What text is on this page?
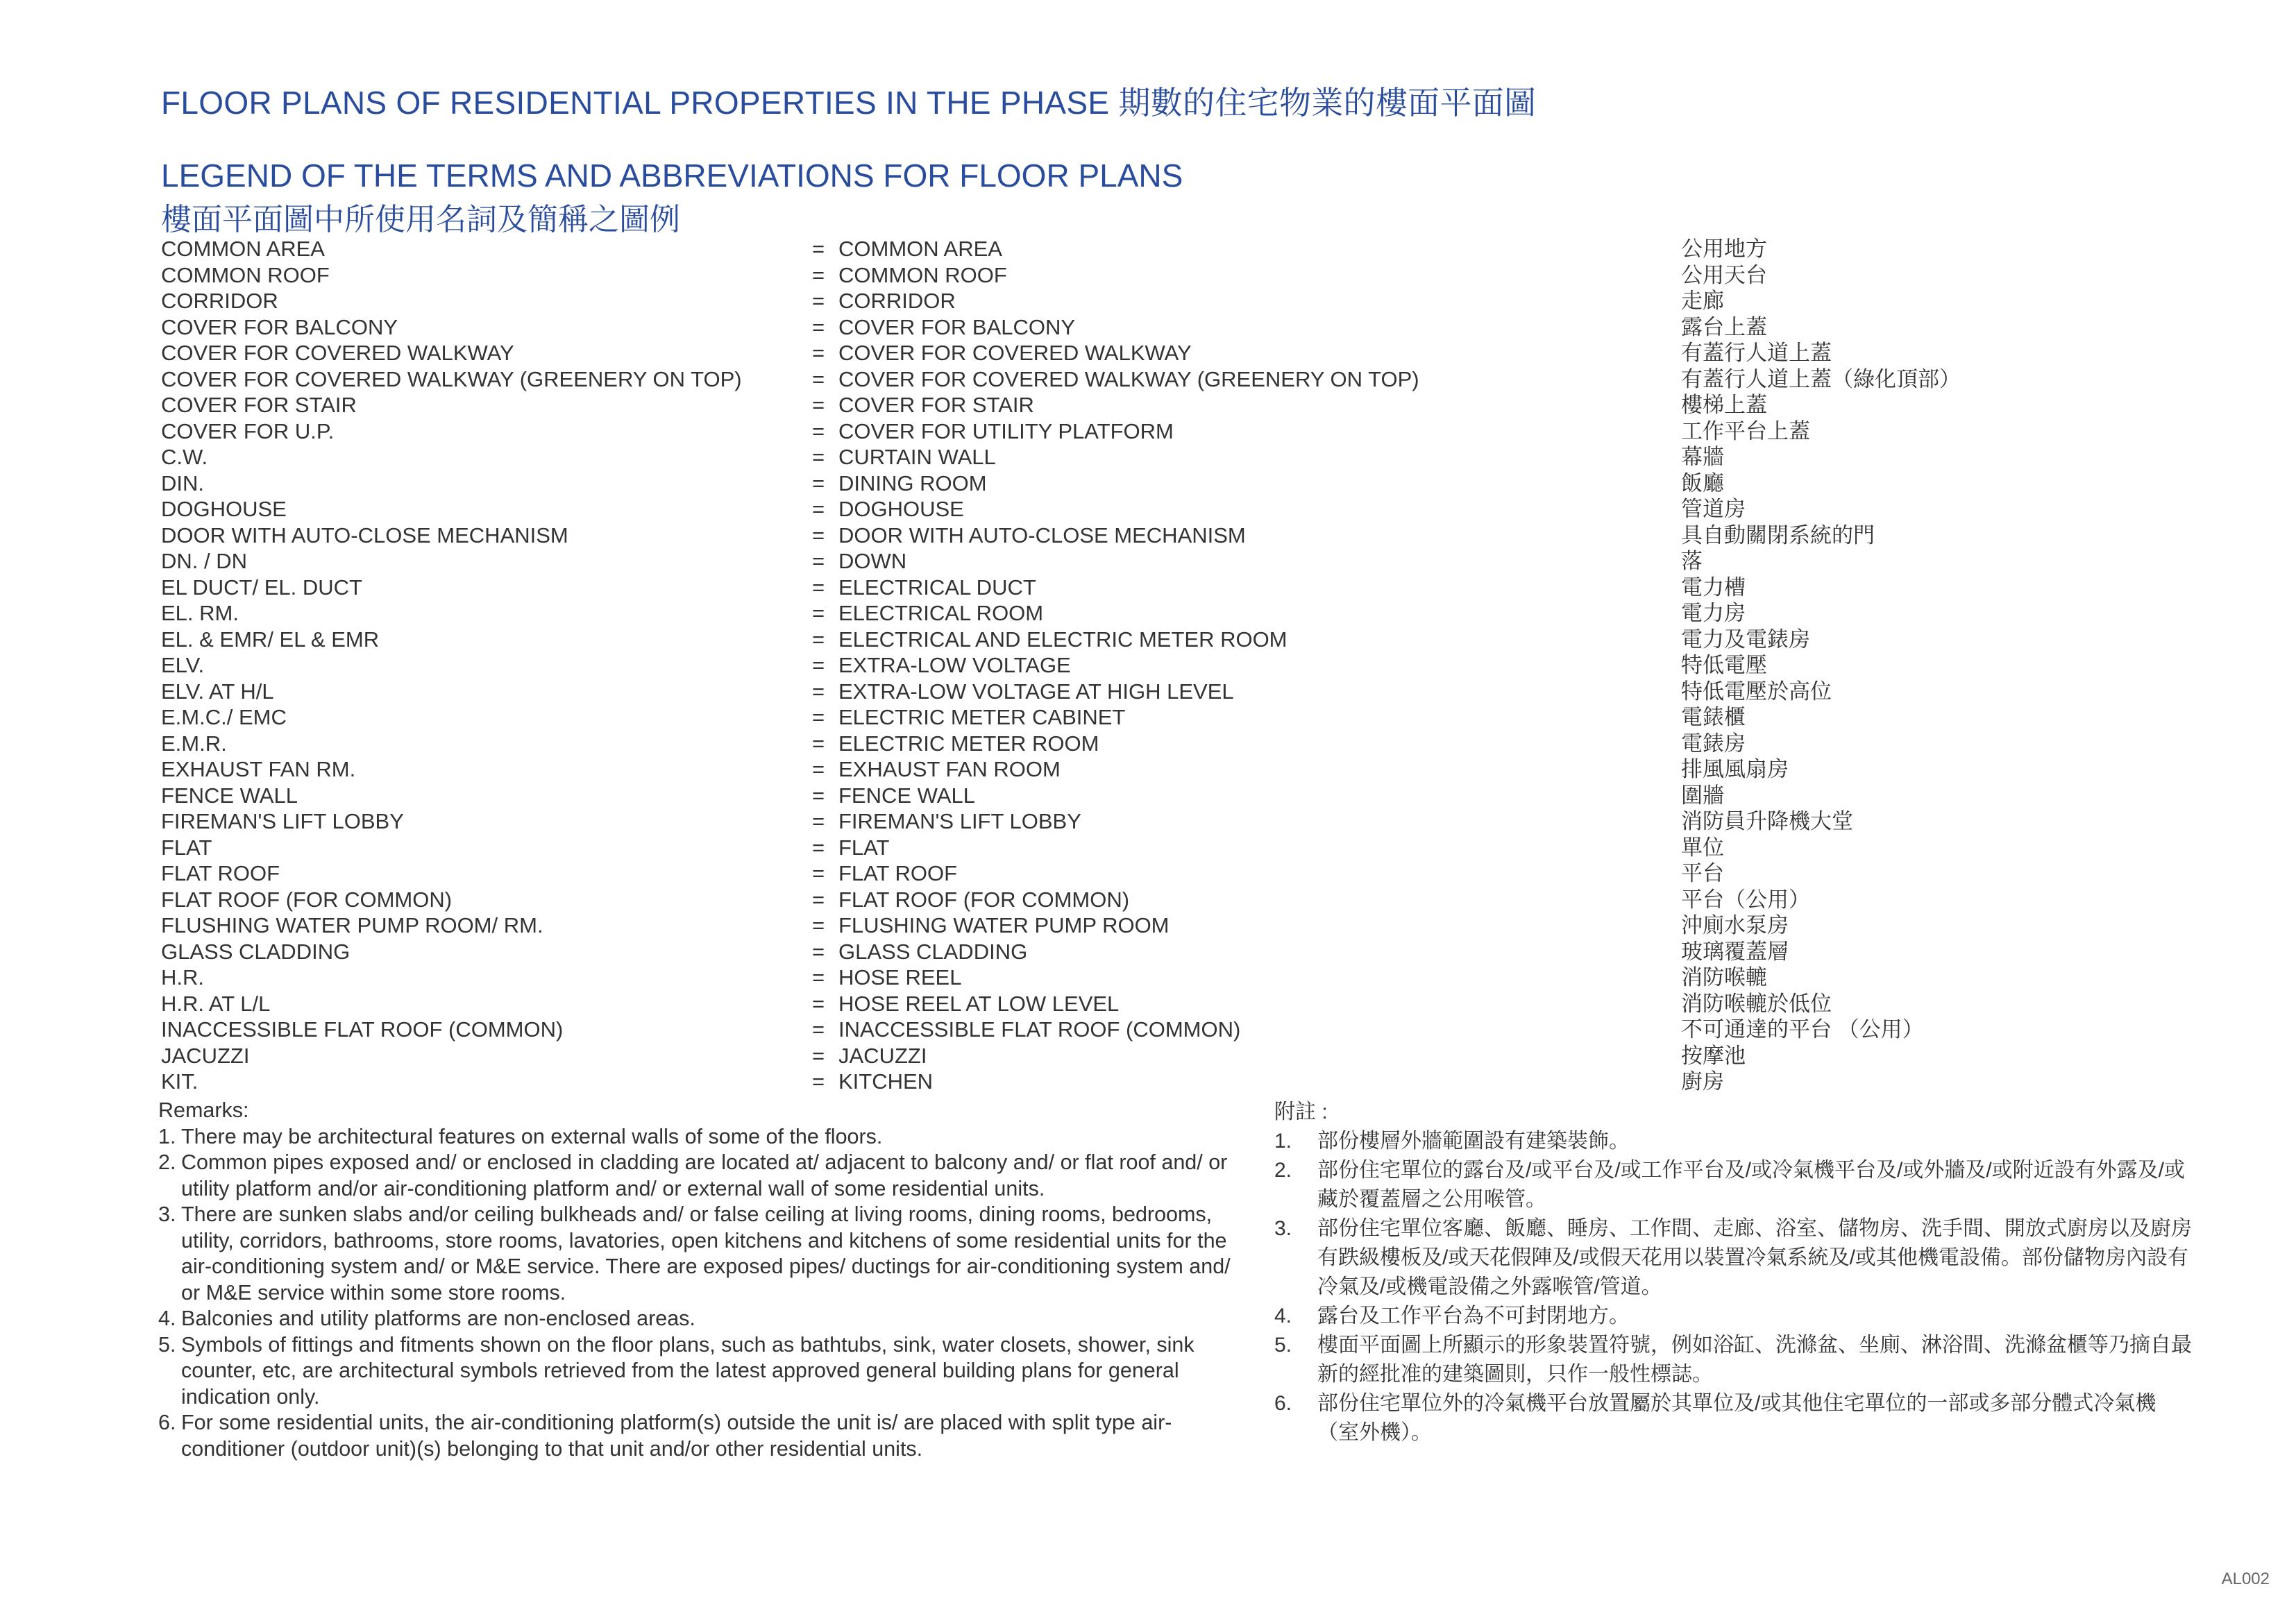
FLOOR PLANS OF RESIDENTIAL PROPERTIES IN THE PHASE 期數的住宅物業的樓面平面圖
LEGEND OF THE TERMS AND ABBREVIATIONS FOR FLOOR PLANS
樓面平面圖中所使用名詞及簡稱之圖例
COMMON AREA	= COMMON AREA	公用地方
COMMON ROOF	= COMMON ROOF	公用天台
CORRIDOR	= CORRIDOR	走廊
COVER FOR BALCONY	= COVER FOR BALCONY	露台上蓋
COVER FOR COVERED WALKWAY	= COVER FOR COVERED WALKWAY	有蓋行人道上蓋
COVER FOR COVERED WALKWAY (GREENERY ON TOP)	= COVER FOR COVERED WALKWAY (GREENERY ON TOP)	有蓋行人道上蓋（綠化頂部）
COVER FOR STAIR	= COVER FOR STAIR	樓梯上蓋
COVER FOR U.P.	= COVER FOR UTILITY PLATFORM	工作平台上蓋
C.W.	= CURTAIN WALL	幕牆
DIN.	= DINING ROOM	飯廳
DOGHOUSE	= DOGHOUSE	管道房
DOOR WITH AUTO-CLOSE MECHANISM	= DOOR WITH AUTO-CLOSE MECHANISM	具自動關閉系統的門
DN. / DN	= DOWN	落
EL DUCT/ EL. DUCT	= ELECTRICAL DUCT	電力槽
EL. RM.	= ELECTRICAL ROOM	電力房
EL. & EMR/ EL & EMR	= ELECTRICAL AND ELECTRIC METER ROOM	電力及電錶房
ELV.	= EXTRA-LOW VOLTAGE	特低電壓
ELV. AT H/L	= EXTRA-LOW VOLTAGE AT HIGH LEVEL	特低電壓於高位
E.M.C./ EMC	= ELECTRIC METER CABINET	電錶櫃
E.M.R.	= ELECTRIC METER ROOM	電錶房
EXHAUST FAN RM.	= EXHAUST FAN ROOM	排風風扇房
FENCE WALL	= FENCE WALL	圍牆
FIREMAN'S LIFT LOBBY	= FIREMAN'S LIFT LOBBY	消防員升降機大堂
FLAT	= FLAT	單位
FLAT ROOF	= FLAT ROOF	平台
FLAT ROOF (FOR COMMON)	= FLAT ROOF (FOR COMMON)	平台（公用）
FLUSHING WATER PUMP ROOM/ RM.	= FLUSHING WATER PUMP ROOM	沖廁水泵房
GLASS CLADDING	= GLASS CLADDING	玻璃覆蓋層
H.R.	= HOSE REEL	消防喉轆
H.R. AT L/L	= HOSE REEL AT LOW LEVEL	消防喉轆於低位
INACCESSIBLE FLAT ROOF (COMMON)	= INACCESSIBLE FLAT ROOF (COMMON)	不可通達的平台 （公用）
JACUZZI	= JACUZZI	按摩池
KIT.	= KITCHEN	廚房
Remarks:
1. There may be architectural features on external walls of some of the floors.
2. Common pipes exposed and/ or enclosed in cladding are located at/ adjacent to balcony and/ or flat roof and/ or utility platform and/or air-conditioning platform and/ or external wall of some residential units.
3. There are sunken slabs and/or ceiling bulkheads and/ or false ceiling at living rooms, dining rooms, bedrooms, utility, corridors, bathrooms, store rooms, lavatories, open kitchens and kitchens of some residential units for the air-conditioning system and/ or M&E service. There are exposed pipes/ ductings for air-conditioning system and/ or M&E service within some store rooms.
4. Balconies and utility platforms are non-enclosed areas.
5. Symbols of fittings and fitments shown on the floor plans, such as bathtubs, sink, water closets, shower, sink counter, etc, are architectural symbols retrieved from the latest approved general building plans for general indication only.
6. For some residential units, the air-conditioning platform(s) outside the unit is/ are placed with split type air-conditioner (outdoor unit)(s) belonging to that unit and/or other residential units.
附註 :
1. 部份樓層外牆範圍設有建築裝飾。
2. 部份住宅單位的露台及/或平台及/或工作平台及/或冷氣機平台及/或外牆及/或附近設有外露及/或藏於覆蓋層之公用喉管。
3. 部份住宅單位客廳、飯廳、睡房、工作間、走廊、浴室、儲物房、洗手間、開放式廚房以及廚房有跌級樓板及/或天花假陣及/或假天花用以裝置冷氣系統及/或其他機電設備。部份儲物房內設有冷氣及/或機電設備之外露喉管/管道。
4. 露台及工作平台為不可封閉地方。
5. 樓面平面圖上所顯示的形象裝置符號，例如浴缸、洗滌盆、坐廁、淋浴間、洗滌盆櫃等乃摘自最新的經批准的建築圖則，只作一般性標誌。
6. 部份住宅單位外的冷氣機平台放置屬於其單位及/或其他住宅單位的一部或多部分體式冷氣機（室外機）。
AL002
